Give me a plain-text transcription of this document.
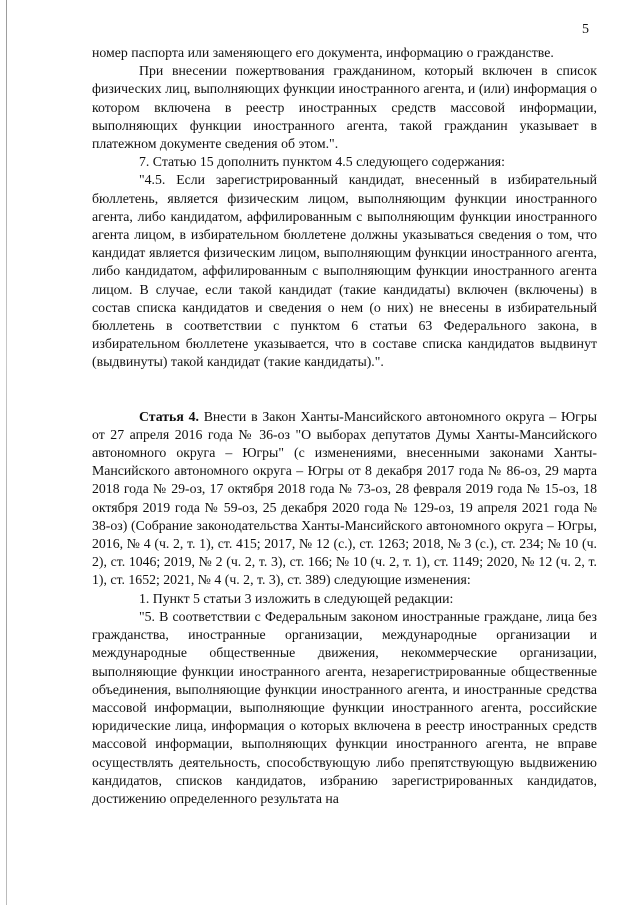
5

номер паспорта или заменяющего его документа, информацию о гражданстве.

При внесении пожертвования гражданином, который включен в список физических лиц, выполняющих функции иностранного агента, и (или) информация о котором включена в реестр иностранных средств массовой информации, выполняющих функции иностранного агента, такой гражданин указывает в платежном документе сведения об этом.".

7. Статью 15 дополнить пунктом 4.5 следующего содержания:

"4.5. Если зарегистрированный кандидат, внесенный в избирательный бюллетень, является физическим лицом, выполняющим функции иностранного агента, либо кандидатом, аффилированным с выполняющим функции иностранного агента лицом, в избирательном бюллетене должны указываться сведения о том, что кандидат является физическим лицом, выполняющим функции иностранного агента, либо кандидатом, аффилированным с выполняющим функции иностранного агента лицом. В случае, если такой кандидат (такие кандидаты) включен (включены) в состав списка кандидатов и сведения о нем (о них) не внесены в избирательный бюллетень в соответствии с пунктом 6 статьи 63 Федерального закона, в избирательном бюллетене указывается, что в составе списка кандидатов выдвинут (выдвинуты) такой кандидат (такие кандидаты).".

Статья 4. Внести в Закон Ханты-Мансийского автономного округа – Югры от 27 апреля 2016 года № 36-оз "О выборах депутатов Думы Ханты-Мансийского автономного округа – Югры" (с изменениями, внесенными законами Ханты-Мансийского автономного округа – Югры от 8 декабря 2017 года № 86-оз, 29 марта 2018 года № 29-оз, 17 октября 2018 года № 73-оз, 28 февраля 2019 года № 15-оз, 18 октября 2019 года № 59-оз, 25 декабря 2020 года № 129-оз, 19 апреля 2021 года № 38-оз) (Собрание законодательства Ханты-Мансийского автономного округа – Югры, 2016, № 4 (ч. 2, т. 1), ст. 415; 2017, № 12 (с.), ст. 1263; 2018, № 3 (с.), ст. 234; № 10 (ч. 2), ст. 1046; 2019, № 2 (ч. 2, т. 3), ст. 166; № 10 (ч. 2, т. 1), ст. 1149; 2020, № 12 (ч. 2, т. 1), ст. 1652; 2021, № 4 (ч. 2, т. 3), ст. 389) следующие изменения:

1. Пункт 5 статьи 3 изложить в следующей редакции:

"5. В соответствии с Федеральным законом иностранные граждане, лица без гражданства, иностранные организации, международные организации и международные общественные движения, некоммерческие организации, выполняющие функции иностранного агента, незарегистрированные общественные объединения, выполняющие функции иностранного агента, и иностранные средства массовой информации, выполняющие функции иностранного агента, российские юридические лица, информация о которых включена в реестр иностранных средств массовой информации, выполняющих функции иностранного агента, не вправе осуществлять деятельность, способствующую либо препятствующую выдвижению кандидатов, списков кандидатов, избранию зарегистрированных кандидатов, достижению определенного результата на
